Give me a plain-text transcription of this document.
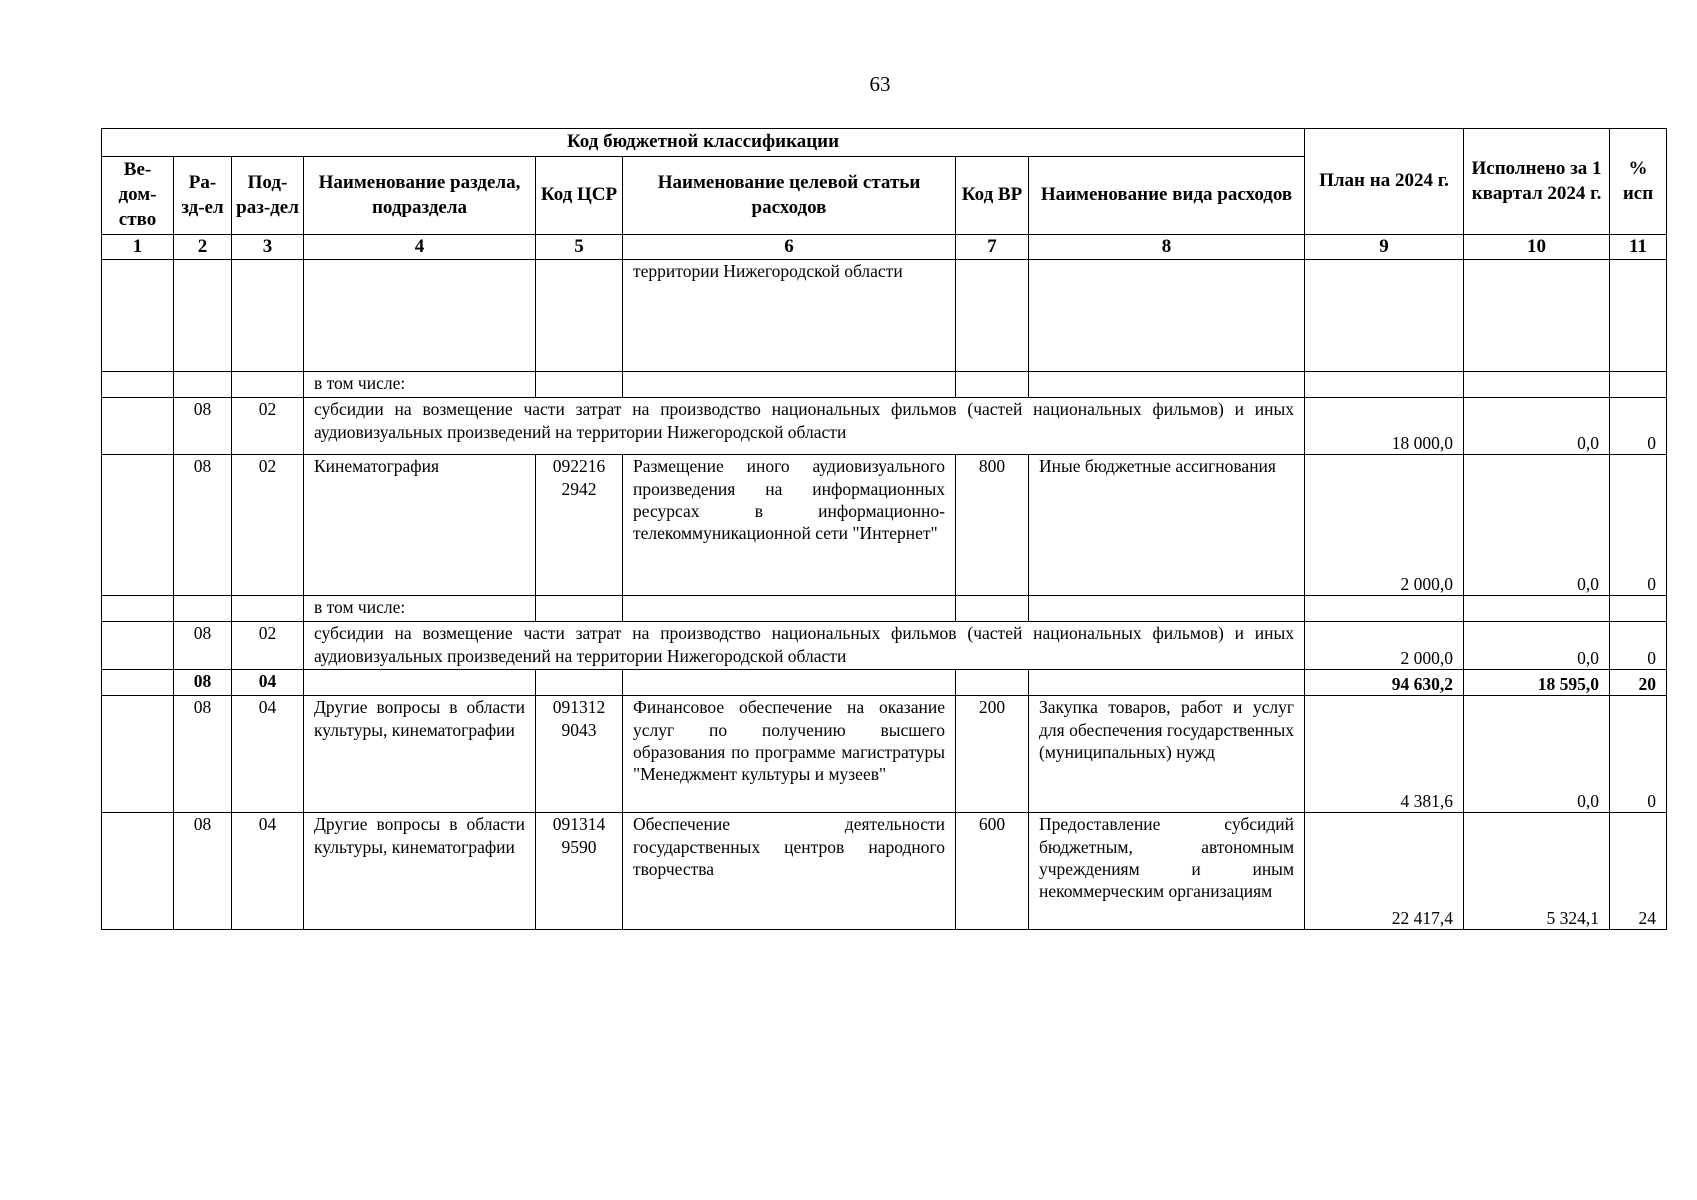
63
Код бюджетной классификации								План на 2024 г.	Исполнено за 1 квартал 2024 г.	% исп
Ве-дом-ство	Ра-зд-ел	Под-раз-дел	Наименование раздела, подраздела	Код ЦСР	Наименование целевой статьи расходов	Код ВР	Наименование вида расходов			
1	2	3	4	5	6	7	8	9	10	11
					территории Нижегородской области					
			в том числе:							
	08	02	субсидии на возмещение части затрат на производство национальных фильмов (частей национальных фильмов) и иных аудиовизуальных произведений на территории Нижегородской области					18 000,0	0,0	0
	08	02	Кинематография	092216 2942	Размещение иного аудиовизуального произведения на информационных ресурсах в информационно-телекоммуникационной сети "Интернет"	800	Иные бюджетные ассигнования	2 000,0	0,0	0
			в том числе:							
	08	02	субсидии на возмещение части затрат на производство национальных фильмов (частей национальных фильмов) и иных аудиовизуальных произведений на территории Нижегородской области					2 000,0	0,0	0
	08	04						94 630,2	18 595,0	20
	08	04	Другие вопросы в области культуры, кинематографии	091312 9043	Финансовое обеспечение на оказание услуг по получению высшего образования по программе магистратуры "Менеджмент культуры и музеев"	200	Закупка товаров, работ и услуг для обеспечения государственных (муниципальных) нужд	4 381,6	0,0	0
	08	04	Другие вопросы в области культуры, кинематографии	091314 9590	Обеспечение деятельности государственных центров народного творчества	600	Предоставление субсидий бюджетным, автономным учреждениям и иным некоммерческим организациям	22 417,4	5 324,1	24
